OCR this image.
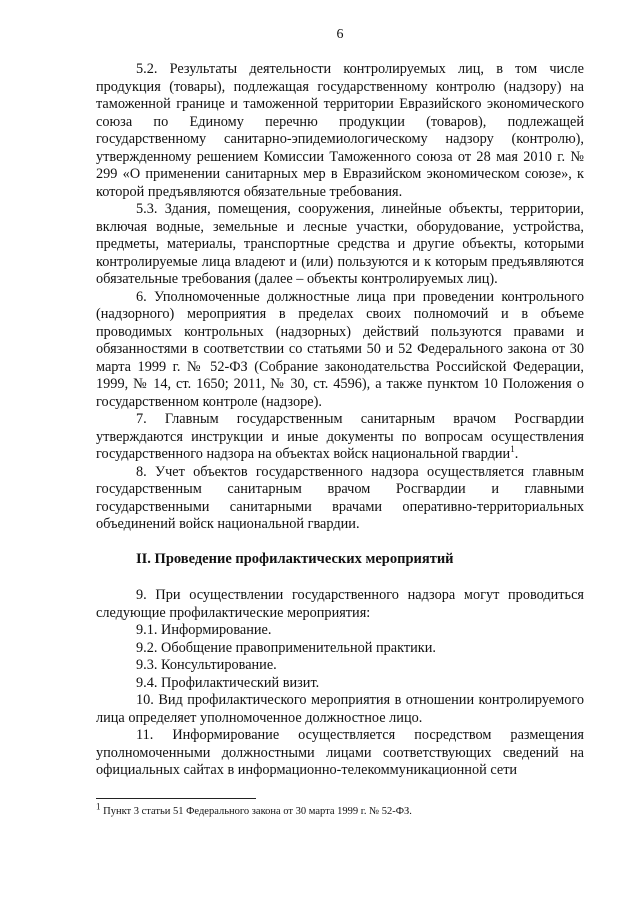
6

5.2. Результаты деятельности контролируемых лиц, в том числе продукция (товары), подлежащая государственному контролю (надзору) на таможенной границе и таможенной территории Евразийского экономического союза по Единому перечню продукции (товаров), подлежащей государственному санитарно-эпидемиологическому надзору (контролю), утвержденному решением Комиссии Таможенного союза от 28 мая 2010 г. № 299 «О применении санитарных мер в Евразийском экономическом союзе», к которой предъявляются обязательные требования.

5.3. Здания, помещения, сооружения, линейные объекты, территории, включая водные, земельные и лесные участки, оборудование, устройства, предметы, материалы, транспортные средства и другие объекты, которыми контролируемые лица владеют и (или) пользуются и к которым предъявляются обязательные требования (далее – объекты контролируемых лиц).

6. Уполномоченные должностные лица при проведении контрольного (надзорного) мероприятия в пределах своих полномочий и в объеме проводимых контрольных (надзорных) действий пользуются правами и обязанностями в соответствии со статьями 50 и 52 Федерального закона от 30 марта 1999 г. № 52-ФЗ (Собрание законодательства Российской Федерации, 1999, № 14, ст. 1650; 2011, № 30, ст. 4596), а также пунктом 10 Положения о государственном контроле (надзоре).

7. Главным государственным санитарным врачом Росгвардии утверждаются инструкции и иные документы по вопросам осуществления государственного надзора на объектах войск национальной гвардии$^1$.

8. Учет объектов государственного надзора осуществляется главным государственным санитарным врачом Росгвардии и главными государственными санитарными врачами оперативно-территориальных объединений войск национальной гвардии.

II. Проведение профилактических мероприятий

9. При осуществлении государственного надзора могут проводиться следующие профилактические мероприятия:

9.1. Информирование.

9.2. Обобщение правоприменительной практики.

9.3. Консультирование.

9.4. Профилактический визит.

10. Вид профилактического мероприятия в отношении контролируемого лица определяет уполномоченное должностное лицо.

11. Информирование осуществляется посредством размещения уполномоченными должностными лицами соответствующих сведений на официальных сайтах в информационно-телекоммуникационной сети

$^1$ Пункт 3 статьи 51 Федерального закона от 30 марта 1999 г. № 52-ФЗ.
